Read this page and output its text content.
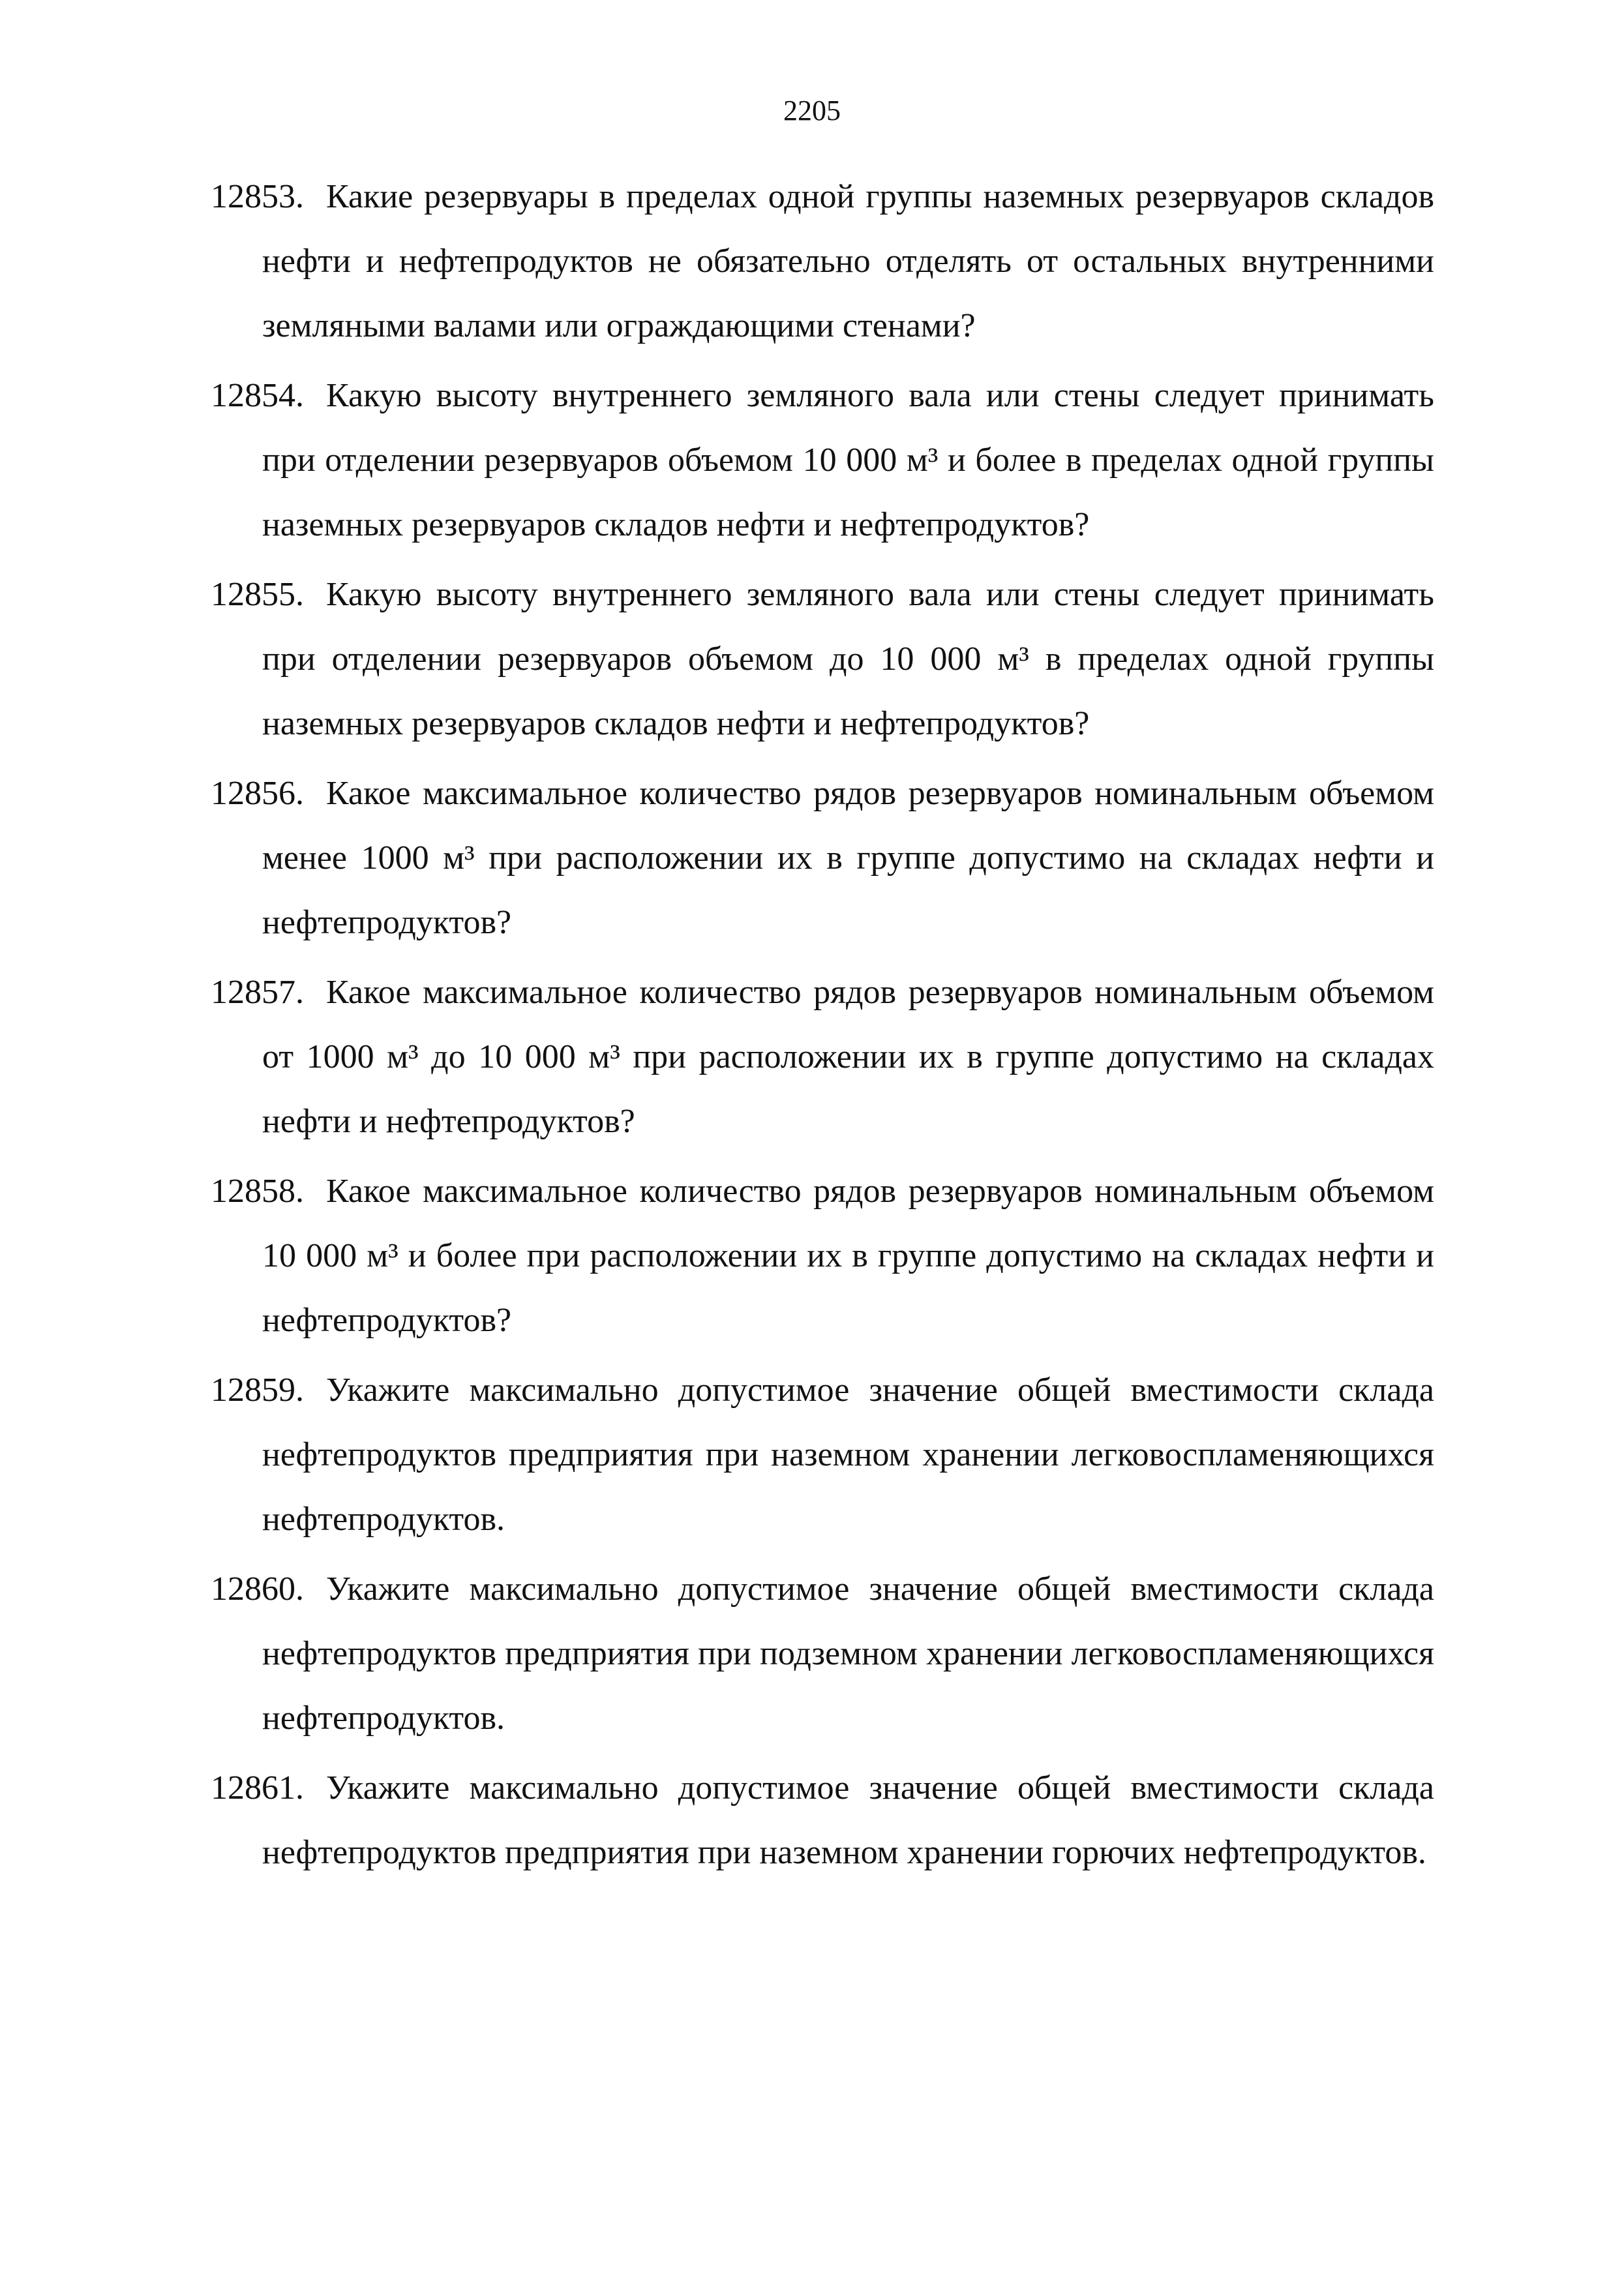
2205
12853. Какие резервуары в пределах одной группы наземных резервуаров складов нефти и нефтепродуктов не обязательно отделять от остальных внутренними земляными валами или ограждающими стенами?
12854. Какую высоту внутреннего земляного вала или стены следует принимать при отделении резервуаров объемом 10 000 м³ и более в пределах одной группы наземных резервуаров складов нефти и нефтепродуктов?
12855. Какую высоту внутреннего земляного вала или стены следует принимать при отделении резервуаров объемом до 10 000 м³ в пределах одной группы наземных резервуаров складов нефти и нефтепродуктов?
12856. Какое максимальное количество рядов резервуаров номинальным объемом менее 1000 м³ при расположении их в группе допустимо на складах нефти и нефтепродуктов?
12857. Какое максимальное количество рядов резервуаров номинальным объемом от 1000 м³ до 10 000 м³ при расположении их в группе допустимо на складах нефти и нефтепродуктов?
12858. Какое максимальное количество рядов резервуаров номинальным объемом 10 000 м³ и более при расположении их в группе допустимо на складах нефти и нефтепродуктов?
12859. Укажите максимально допустимое значение общей вместимости склада нефтепродуктов предприятия при наземном хранении легковоспламеняющихся нефтепродуктов.
12860. Укажите максимально допустимое значение общей вместимости склада нефтепродуктов предприятия при подземном хранении легковоспламеняющихся нефтепродуктов.
12861. Укажите максимально допустимое значение общей вместимости склада нефтепродуктов предприятия при наземном хранении горючих нефтепродуктов.
